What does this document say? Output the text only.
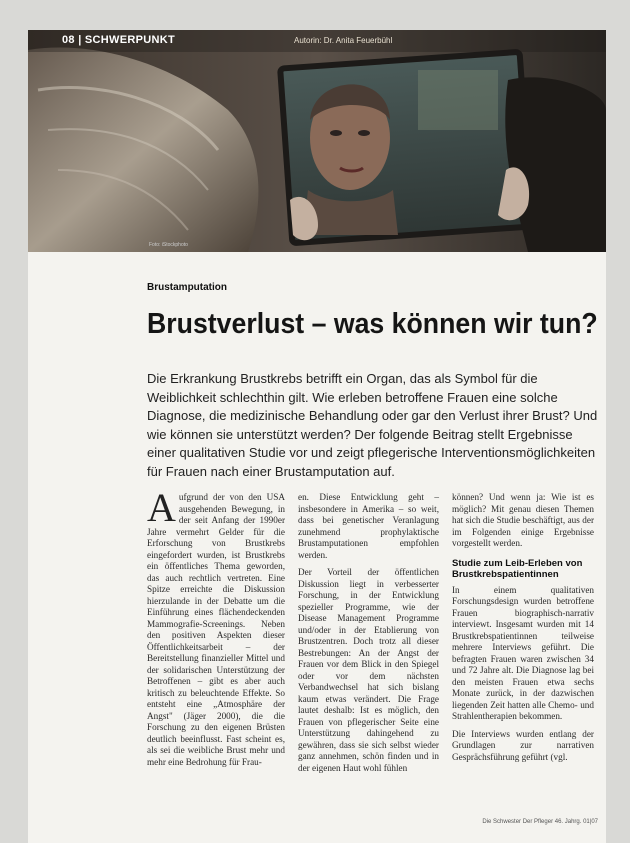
08 | SCHWERPUNKT	Autorin: Dr. Anita Feuerbühl
Foto: iStockphoto
Brustamputation
Brustverlust – was können wir tun?
Die Erkrankung Brustkrebs betrifft ein Organ, das als Symbol für die Weiblichkeit schlechthin gilt. Wie erleben betroffene Frauen eine solche Diagnose, die medizinische Behandlung oder gar den Verlust ihrer Brust? Und wie können sie unterstützt werden? Der folgende Beitrag stellt Ergebnisse einer qualitativen Studie vor und zeigt pflegerische Interventionsmöglichkeiten für Frauen nach einer Brustamputation auf.
A ufgrund der von den USA ausgehenden Bewegung, in der seit Anfang der 1990er Jahre vermehrt Gelder für die Erforschung von Brustkrebs eingefordert wurden, ist Brustkrebs ein öffentliches Thema geworden, das auch rechtlich vertreten. Eine Spitze erreichte die Diskussion hierzulande in der Debatte um die Einführung eines flächendeckenden Mammografie-Screenings. Neben den positiven Aspekten dieser Öffentlichkeitsarbeit – der Bereitstellung finanzieller Mittel und der solidarischen Unterstützung der Betroffenen – gibt es aber auch kritisch zu beleuchtende Effekte. So entsteht eine „Atmosphäre der Angst" (Jäger 2000), die die Forschung zu den eigenen Brüsten deutlich beeinflusst. Fast scheint es, als sei die weibliche Brust mehr und mehr eine Bedrohung für Frau-

en. Diese Entwicklung geht – insbesondere in Amerika – so weit, dass bei genetischer Veranlagung zunehmend prophylaktische Brustamputationen empfohlen werden.

Der Vorteil der öffentlichen Diskussion liegt in verbesserter Forschung, in der Entwicklung spezieller Programme, wie der Disease Management Programme und/oder in der Etablierung von Brustzentren. Doch trotz all dieser Bestrebungen: An der Angst der Frauen vor dem Blick in den Spiegel oder vor dem nächsten Verbandwechsel hat sich bislang kaum etwas verändert. Die Frage lautet deshalb: Ist es möglich, den Frauen von pflegerischer Seite eine Unterstützung dahingehend zu gewähren, dass sie sich selbst wieder ganz annehmen, schön finden und in der eigenen Haut wohl fühlen

können? Und wenn ja: Wie ist es möglich? Mit genau diesen Themen hat sich die Studie beschäftigt, aus der im Folgenden einige Ergebnisse vorgestellt werden.

Studie zum Leib-Erleben von Brustkrebspatientinnen

In einem qualitativen Forschungsdesign wurden betroffene Frauen biographisch-narrativ interviewt. Insgesamt wurden mit 14 Brustkrebspatientinnen teilweise mehrere Interviews geführt. Die befragten Frauen waren zwischen 34 und 72 Jahre alt. Die Diagnose lag bei den meisten Frauen etwa sechs Monate zurück, in der dazwischen liegenden Zeit hatten alle Chemo- und Strahlentherapien bekommen.

Die Interviews wurden entlang der Grundlagen zur narrativen Gesprächsführung geführt (vgl.

Die Schwester Der Pfleger 46. Jahrg. 01|07
